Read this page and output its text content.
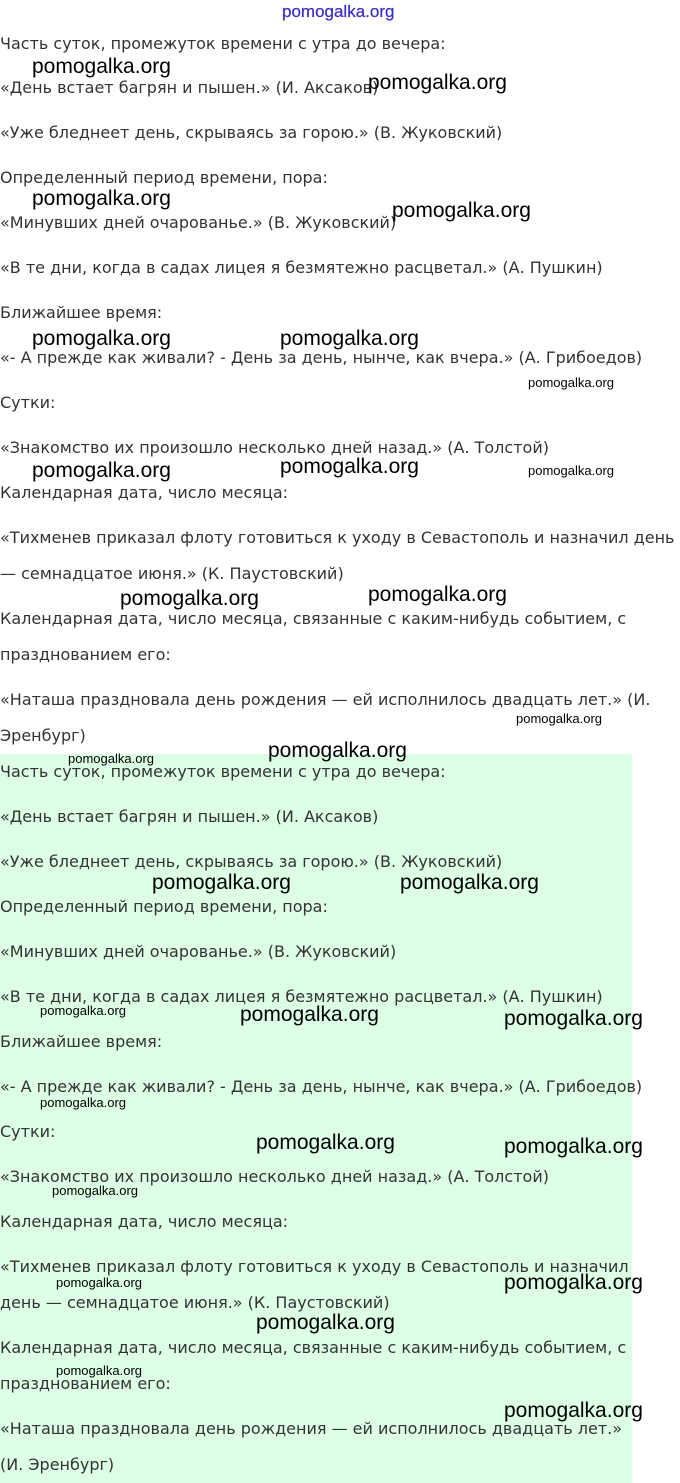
pomogalka.org

Часть суток, промежуток времени с утра до вечера:

«День встает багрян и пышен.» (И. Аксаков)

«Уже бледнеет день, скрываясь за горою.» (В. Жуковский)

Определенный период времени, пора:

«Минувших дней очарованье.» (В. Жуковский)

«В те дни, когда в садах лицея я безмятежно расцветал.» (А. Пушкин)

Ближайшее время:

«- А прежде как живали? - День за день, нынче, как вчера.» (А. Грибоедов)

Сутки:

«Знакомство их произошло несколько дней назад.» (А. Толстой)

Календарная дата, число месяца:

«Тихменев приказал флоту готовиться к уходу в Севастополь и назначил день

— семнадцатое июня.» (К. Паустовский)

Календарная дата, число месяца, связанные с каким-нибудь событием, с

празднованием его:

«Наташа праздновала день рождения — ей исполнилось двадцать лет.» (И.

Эренбург)

Часть суток, промежуток времени с утра до вечера:

«День встает багрян и пышен.» (И. Аксаков)

«Уже бледнеет день, скрываясь за горою.» (В. Жуковский)

Определенный период времени, пора:

«Минувших дней очарованье.» (В. Жуковский)

«В те дни, когда в садах лицея я безмятежно расцветал.» (А. Пушкин)

Ближайшее время:

«- А прежде как живали? - День за день, нынче, как вчера.» (А. Грибоедов)

Сутки:

«Знакомство их произошло несколько дней назад.» (А. Толстой)

Календарная дата, число месяца:

«Тихменев приказал флоту готовиться к уходу в Севастополь и назначил

день — семнадцатое июня.» (К. Паустовский)

Календарная дата, число месяца, связанные с каким-нибудь событием, с

празднованием его:

«Наташа праздновала день рождения — ей исполнилось двадцать лет.»

(И. Эренбург)

pomogalka.org
pomogalka.org
pomogalka.org
pomogalka.org
pomogalka.org	pomogalka.org
pomogalka.org
pomogalka.org	pomogalka.org	pomogalka.org
pomogalka.org	pomogalka.org
pomogalka.org
pomogalka.org
pomogalka.org
pomogalka.org	pomogalka.org
pomogalka.org	pomogalka.org	pomogalka.org
pomogalka.org
pomogalka.org	pomogalka.org
pomogalka.org
pomogalka.org	pomogalka.org
pomogalka.org
pomogalka.org
pomogalka.org
